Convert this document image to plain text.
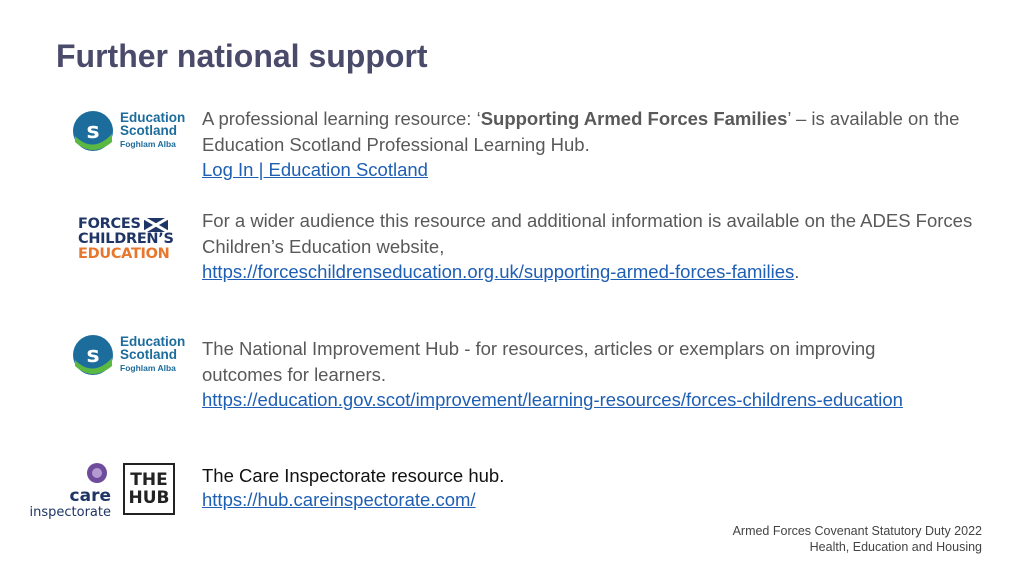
Further national support
s
Education
Scotland
Foghlam Alba
A professional learning resource: ‘Supporting Armed Forces Families’ – is available on the Education Scotland Professional Learning Hub.
Log In | Education Scotland
FORCES
CHILDREN’S
EDUCATION
For a wider audience this resource and additional information is available on the ADES Forces Children’s Education website,
https://forceschildrenseducation.org.uk/supporting-armed-forces-families.
s
Education
Scotland
Foghlam Alba
The National Improvement Hub - for resources, articles or exemplars on improving outcomes for learners.
https://education.gov.scot/improvement/learning-resources/forces-childrens-education
care
inspectorate
THE
HUB
The Care Inspectorate resource hub.
https://hub.careinspectorate.com/
Armed Forces Covenant Statutory Duty 2022
Health, Education and Housing
